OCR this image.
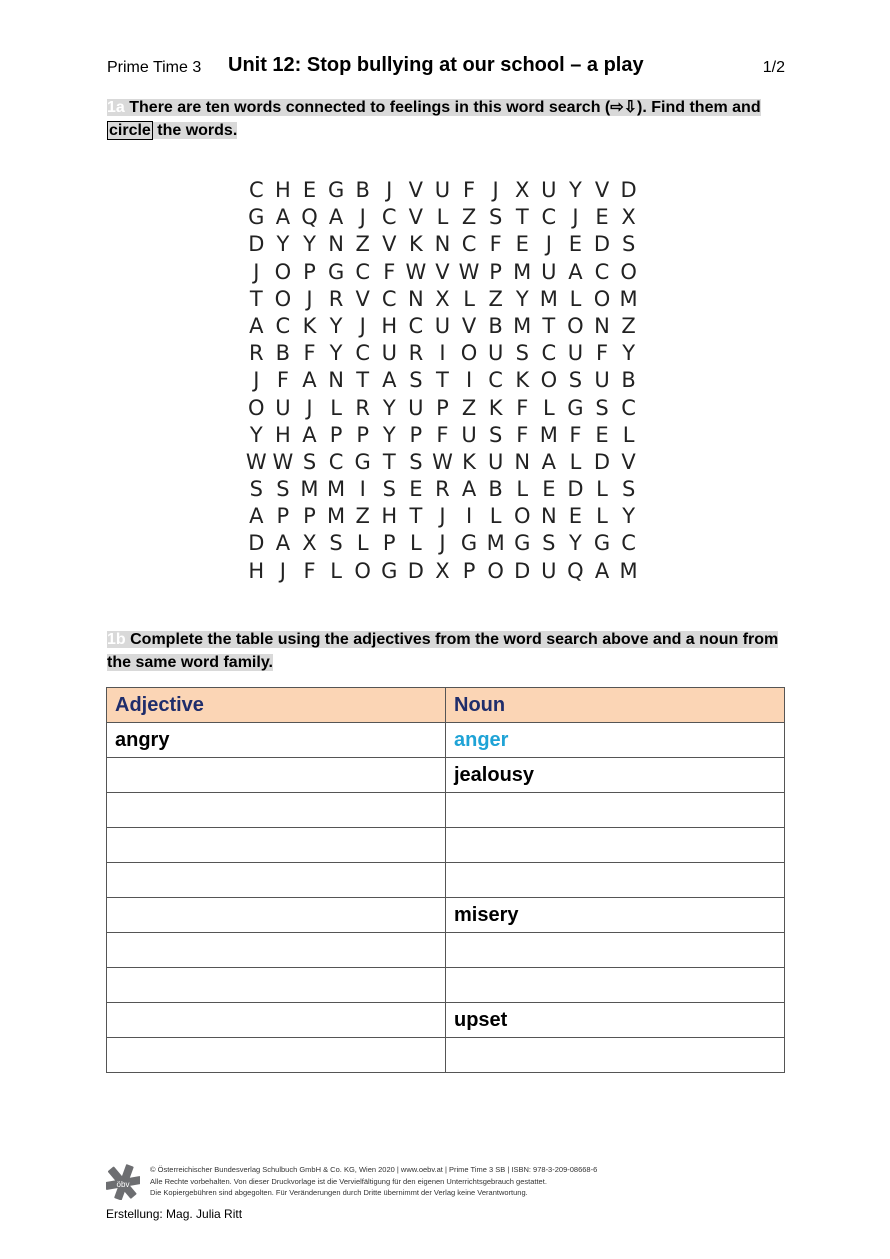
Prime Time 3 Unit 12: Stop bullying at our school – a play	1/2
1a There are ten words connected to feelings in this word search (⇨⇩). Find them and circle the words.
C H E G B J V U F J X U Y V D
G A Q A J C V L Z S T C J E X
D Y Y N Z V K N C F E J E D S
J O P G C F W V W P M U A C O
T O J R V C N X L Z Y M L O M
A C K Y J H C U V B M T O N Z
R B F Y C U R I O U S C U F Y
J F A N T A S T I C K O S U B
O U J L R Y U P Z K F L G S C
Y H A P P Y P F U S F M F E L
W W S C G T S W K U N A L D V
S S M M I S E R A B L E D L S
A P P M Z H T J I L O N E L Y
D A X S L P L J G M G S Y G C
H J F L O G D X P O D U Q A M
1b Complete the table using the adjectives from the word search above and a noun from the same word family.
Adjective	Noun
angry	anger
	jealousy

	misery

	upset

öbv
© Österreichischer Bundesverlag Schulbuch GmbH & Co. KG, Wien 2020 | www.oebv.at | Prime Time 3 SB | ISBN: 978-3-209-08668-6
Alle Rechte vorbehalten. Von dieser Druckvorlage ist die Vervielfältigung für den eigenen Unterrichtsgebrauch gestattet.
Die Kopiergebühren sind abgegolten. Für Veränderungen durch Dritte übernimmt der Verlag keine Verantwortung.
Erstellung: Mag. Julia Ritt
